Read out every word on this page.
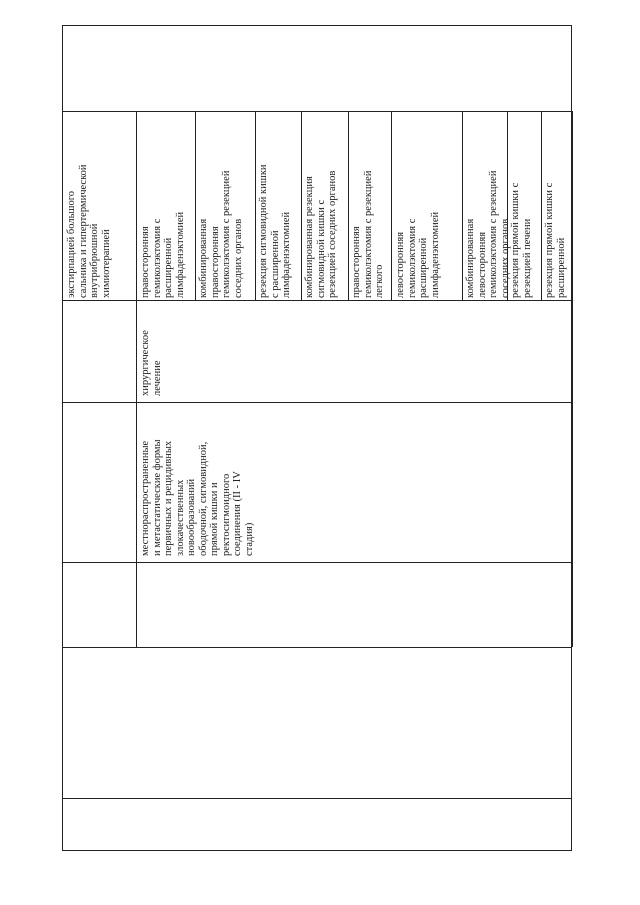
экстирпацией большого
сальника и гипертермической
внутрибрюшной
химиотерапией

местнораспространенные
и метастатические формы
первичных и рецидивных
злокачественных
новообразований
ободочной, сигмовидной,
прямой кишки и
ректосигмоидного
соединения (II - IV
стадия)

хирургическое
лечение

правосторонняя
гемиколэктомия с
расширенной
лимфаденэктомией комбинированная
правосторонняя
гемиколэктомия с резекцией
соседних органов

резекция сигмовидной кишки
с расширенной
лимфаденэктомией комбинированная резекция
сигмовидной кишки с
резекцией соседних органов

правосторонняя
гемиколэктомия с резекцией
легкого левосторонняя
гемиколэктомия с
расширенной
лимфаденэктомией комбинированная
левосторонняя
гемиколэктомия с резекцией
соседних органов

резекция прямой кишки с
резекцией печени

резекция прямой кишки с
расширенной
